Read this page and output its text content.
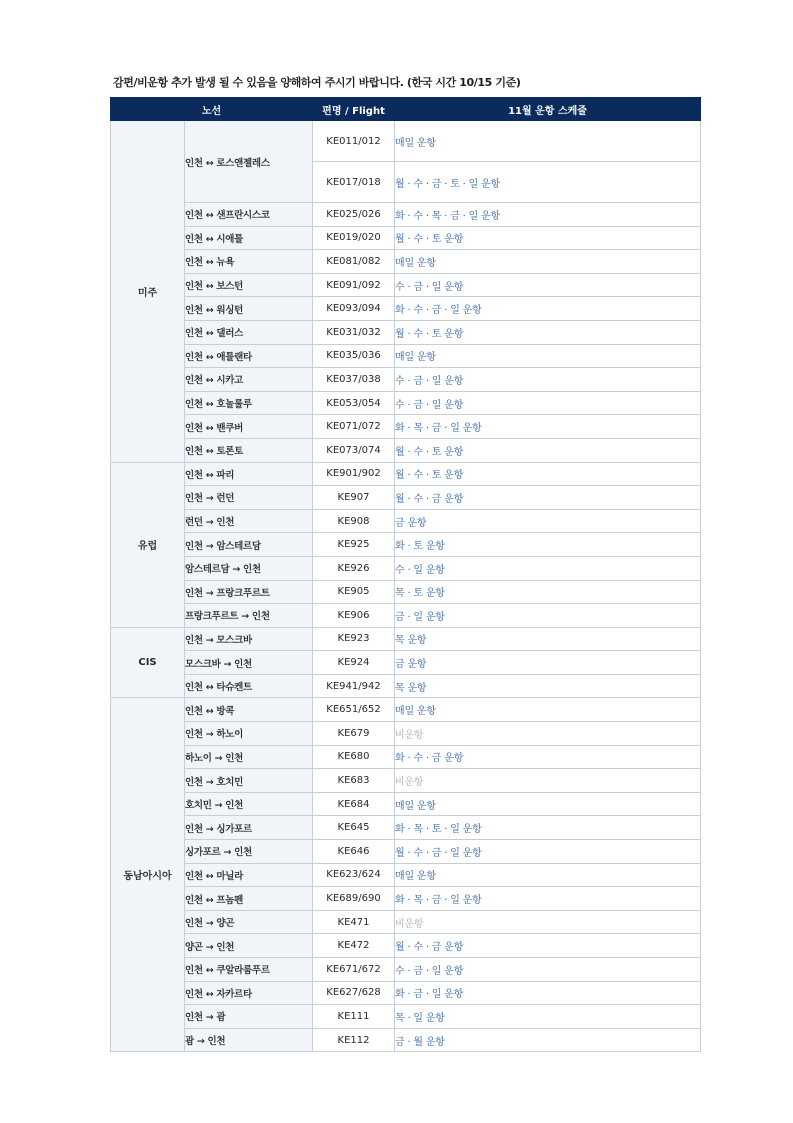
감편/비운항 추가 발생 될 수 있음을 양해하여 주시기 바랍니다. (한국 시간 10/15 기준)
노선		편명 / Flight	11월 운항 스케줄
미주	인천 ↔ 로스앤젤레스	KE011/012	매일 운항
		KE017/018	월 · 수 · 금 · 토 · 일 운항
	인천 ↔ 샌프란시스코	KE025/026	화 · 수 · 목 · 금 · 일 운항
	인천 ↔ 시애틀	KE019/020	월 · 수 · 토 운항
	인천 ↔ 뉴욕	KE081/082	매일 운항
	인천 ↔ 보스턴	KE091/092	수 · 금 · 일 운항
	인천 ↔ 워싱턴	KE093/094	화 · 수 · 금 · 일 운항
	인천 ↔ 댈러스	KE031/032	월 · 수 · 토 운항
	인천 ↔ 애틀랜타	KE035/036	매일 운항
	인천 ↔ 시카고	KE037/038	수 · 금 · 일 운항
	인천 ↔ 호놀룰루	KE053/054	수 · 금 · 일 운항
	인천 ↔ 밴쿠버	KE071/072	화 · 목 · 금 · 일 운항
	인천 ↔ 토론토	KE073/074	월 · 수 · 토 운항
유럽	인천 ↔ 파리	KE901/902	월 · 수 · 토 운항
	인천 → 런던	KE907	월 · 수 · 금 운항
	런던 → 인천	KE908	금 운항
	인천 → 암스테르담	KE925	화 · 토 운항
	암스테르담 → 인천	KE926	수 · 일 운항
	인천 → 프랑크푸르트	KE905	목 · 토 운항
	프랑크푸르트 → 인천	KE906	금 · 일 운항
CIS	인천 → 모스크바	KE923	목 운항
	모스크바 → 인천	KE924	금 운항
	인천 ↔ 타슈켄트	KE941/942	목 운항
동남아시아	인천 ↔ 방콕	KE651/652	매일 운항
	인천 → 하노이	KE679	비운항
	하노이 → 인천	KE680	화 · 수 · 금 운항
	인천 → 호치민	KE683	비운항
	호치민 → 인천	KE684	매일 운항
	인천 → 싱가포르	KE645	화 · 목 · 토 · 일 운항
	싱가포르 → 인천	KE646	월 · 수 · 금 · 일 운항
	인천 ↔ 마닐라	KE623/624	매일 운항
	인천 ↔ 프놈펜	KE689/690	화 · 목 · 금 · 일 운항
	인천 → 양곤	KE471	비운항
	양곤 → 인천	KE472	월 · 수 · 금 운항
	인천 ↔ 쿠알라룸푸르	KE671/672	수 · 금 · 일 운항
	인천 ↔ 자카르타	KE627/628	화 · 금 · 일 운항
	인천 → 괌	KE111	목 · 일 운항
	괌 → 인천	KE112	금 · 월 운항
